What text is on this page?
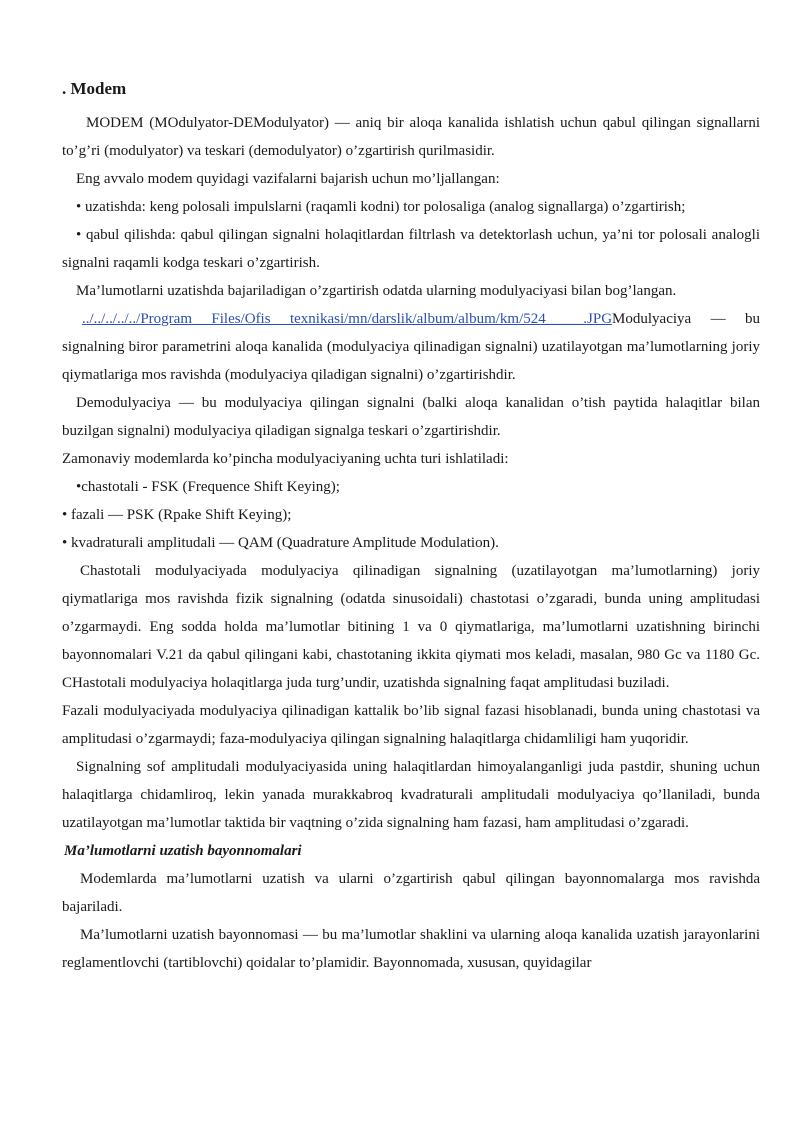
. Modem

MODEM (MOdulyator-DEModulyator) — aniq bir aloqa kanalida ishlatish uchun qabul qilingan signallarni to’g’ri (modulyator) va teskari (demodulyator) o’zgartirish qurilmasidir.

Eng avvalo modem quyidagi vazifalarni bajarish uchun mo’ljallangan:

• uzatishda: keng polosali impulslarni (raqamli kodni) tor polosaliga (analog signallarga) o’zgartirish;

• qabul qilishda: qabul qilingan signalni holaqitlardan filtrlash va detektorlash uchun, ya’ni tor polosali analogli signalni raqamli kodga teskari o’zgartirish.

Ma’lumotlarni uzatishda bajariladigan o’zgartirish odatda ularning modulyaciyasi bilan bog’langan.

../../../../../Program Files/Ofis texnikasi/mn/darslik/album/album/km/524_____.JPGModulyaciya — bu signalning biror parametrini aloqa kanalida (modulyaciya qilinadigan signalni) uzatilayotgan ma’lumotlarning joriy qiymatlariga mos ravishda (modulyaciya qiladigan signalni) o’zgartirishdir.

Demodulyaciya — bu modulyaciya qilingan signalni (balki aloqa kanalidan o’tish paytida halaqitlar bilan buzilgan signalni) modulyaciya qiladigan signalga teskari o’zgartirishdir.

Zamonaviy modemlarda ko’pincha modulyaciyaning uchta turi ishlatiladi:

•chastotali - FSK (Frequence Shift Keying);

• fazali — PSK (Rpake Shift Keying);

• kvadraturali amplitudali — QAM (Quadrature Amplitude Modulation).

Chastotali modulyaciyada modulyaciya qilinadigan signalning (uzatilayotgan ma’lumotlarning) joriy qiymatlariga mos ravishda fizik signalning (odatda sinusoidali) chastotasi o’zgaradi, bunda uning amplitudasi o’zgarmaydi. Eng sodda holda ma’lumotlar bitining 1 va 0 qiymatlariga, ma’lumotlarni uzatishning birinchi bayonnomalari V.21 da qabul qilingani kabi, chastotaning ikkita qiymati mos keladi, masalan, 980 Gc va 1180 Gc. CHastotali modulyaciya holaqitlarga juda turg’undir, uzatishda signalning faqat amplitudasi buziladi.

Fazali modulyaciyada modulyaciya qilinadigan kattalik bo’lib signal fazasi hisoblanadi, bunda uning chastotasi va amplitudasi o’zgarmaydi; faza-modulyaciya qilingan signalning halaqitlarga chidamliligi ham yuqoridir.

Signalning sof amplitudali modulyaciyasida uning halaqitlardan himoyalanganligi juda pastdir, shuning uchun halaqitlarga chidamliroq, lekin yanada murakkabroq kvadraturali amplitudali modulyaciya qo’llaniladi, bunda uzatilayotgan ma’lumotlar taktida bir vaqtning o’zida signalning ham fazasi, ham amplitudasi o’zgaradi.

Ma’lumotlarni uzatish bayonnomalari

Modemlarda ma’lumotlarni uzatish va ularni o’zgartirish qabul qilingan bayonnomalarga mos ravishda bajariladi.

Ma’lumotlarni uzatish bayonnomasi — bu ma’lumotlar shaklini va ularning aloqa kanalida uzatish jarayonlarini reglamentlovchi (tartiblovchi) qoidalar to’plamidir. Bayonnomada, xususan, quyidagilar
